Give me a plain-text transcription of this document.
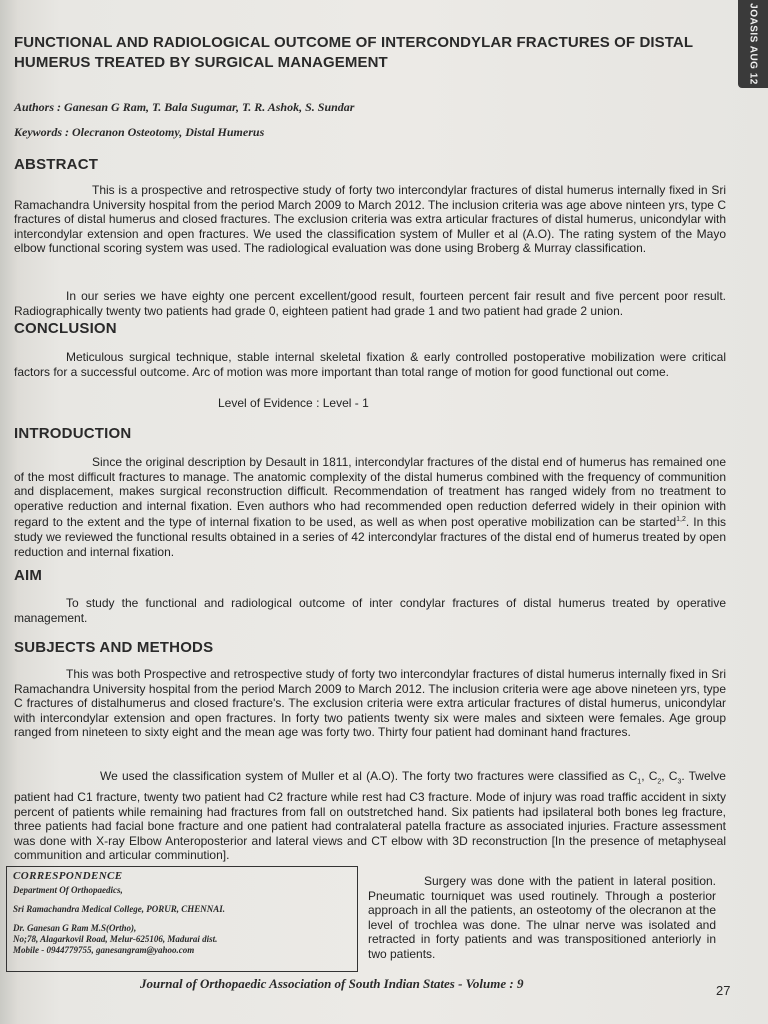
JOASIS AUG 12
FUNCTIONAL AND RADIOLOGICAL OUTCOME OF INTERCONDYLAR FRACTURES OF DISTAL HUMERUS TREATED BY SURGICAL MANAGEMENT
Authors : Ganesan G Ram, T. Bala Sugumar, T. R. Ashok, S. Sundar
Keywords : Olecranon Osteotomy, Distal Humerus
ABSTRACT
This is a prospective and retrospective study of forty two intercondylar fractures of distal humerus internally fixed in Sri Ramachandra University hospital from the period March 2009 to March 2012. The inclusion criteria was age above ninteen yrs, type C fractures of distal humerus and closed fractures. The exclusion criteria was extra articular fractures of distal humerus, unicondylar with intercondylar extension and open fractures. We used the classification system of Muller et al (A.O). The rating system of the Mayo elbow functional scoring system was used. The radiological evaluation was done using Broberg & Murray classification.
In our series we have eighty one percent excellent/good result, fourteen percent fair result and five percent poor result. Radiographically twenty two patients had grade 0, eighteen patient had grade 1 and two patient had grade 2 union.
CONCLUSION
Meticulous surgical technique, stable internal skeletal fixation & early controlled postoperative mobilization were critical factors for a successful outcome. Arc of motion was more important than total range of motion for good functional out come.
Level of Evidence : Level - 1
INTRODUCTION
Since the original description by Desault in 1811, intercondylar fractures of the distal end of humerus has remained one of the most difficult fractures to manage. The anatomic complexity of the distal humerus combined with the frequency of communition and displacement, makes surgical reconstruction difficult. Recommendation of treatment has ranged widely from no treatment to operative reduction and internal fixation. Even authors who had recommended open reduction deferred widely in their opinion with regard to the extent and the type of internal fixation to be used, as well as when post operative mobilization can be started$^{1,2}$. In this study we reviewed the functional results obtained in a series of 42 intercondylar fractures of the distal end of humerus treated by open reduction and internal fixation.
AIM
To study the functional and radiological outcome of inter condylar fractures of distal humerus treated by operative management.
SUBJECTS AND METHODS
This was both Prospective and retrospective study of forty two intercondylar fractures of distal humerus internally fixed in Sri Ramachandra University hospital from the period March 2009 to March 2012. The inclusion criteria were age above nineteen yrs, type C fractures of distalhumerus and closed fracture's. The exclusion criteria were extra articular fractures of distal humerus, unicondylar with intercondylar extension and open fractures. In forty two patients twenty six were males and sixteen were females. Age group ranged from nineteen to sixty eight and the mean age was forty two. Thirty four patient had dominant hand fractures.
We used the classification system of Muller et al (A.O). The forty two fractures were classified as $C_1$, $C_2$, $C_3$. Twelve patient had C1 fracture, twenty two patient had C2 fracture while rest had C3 fracture. Mode of injury was road traffic accident in sixty percent of patients while remaining had fractures from fall on outstretched hand. Six patients had ipsilateral both bones leg fracture, three patients had facial bone fracture and one patient had contralateral patella fracture as associated injuries. Fracture assessment was done with X-ray Elbow Anteroposterior and lateral views and CT elbow with 3D reconstruction [In the presence of metaphyseal communition and articular comminution].
Surgery was done with the patient in lateral position. Pneumatic tourniquet was used routinely. Through a posterior approach in all the patients, an osteotomy of the olecranon at the level of trochlea was done. The ulnar nerve was isolated and retracted in forty patients and was transpositioned anteriorly in two patients.
CORRESPONDENCE
Department Of Orthopaedics,
Sri Ramachandra Medical College, PORUR, CHENNAI.
Dr. Ganesan G Ram M.S(Ortho),
No;78, Alagarkovil Road, Melur-625106, Madurai dist.
Mobile - 0944779755, ganesangram@yahoo.com
Journal of Orthopaedic Association of South Indian States - Volume : 9	27
